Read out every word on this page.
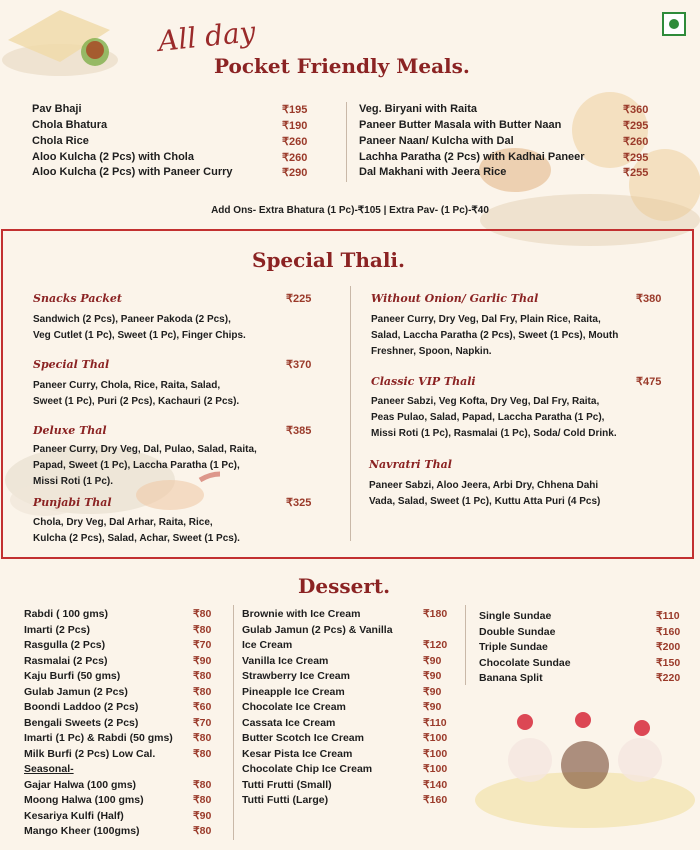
All day
Pocket Friendly Meals.
Pav Bhaji	₹195
Chola Bhatura	₹190
Chola Rice	₹260
Aloo Kulcha (2 Pcs) with Chola	₹260
Aloo Kulcha (2 Pcs) with Paneer Curry	₹290
Veg. Biryani with Raita	₹360
Paneer Butter Masala with Butter Naan	₹295
Paneer Naan/ Kulcha with Dal	₹260
Lachha Paratha (2 Pcs) with Kadhai Paneer	₹295
Dal Makhani with Jeera Rice	₹255
Add Ons- Extra Bhatura (1 Pc)-₹105 | Extra Pav- (1 Pc)-₹40
Special Thali.
Snacks Packet	₹225
Sandwich (2 Pcs), Paneer Pakoda (2 Pcs),
Veg Cutlet (1 Pc), Sweet (1 Pc), Finger Chips.
Special Thal	₹370
Paneer Curry, Chola, Rice, Raita, Salad,
Sweet (1 Pc), Puri (2 Pcs), Kachauri (2 Pcs).
Deluxe Thal	₹385
Paneer Curry, Dry Veg, Dal, Pulao, Salad, Raita,
Papad, Sweet (1 Pc), Laccha Paratha (1 Pc),
Missi Roti (1 Pc).
Punjabi Thal	₹325
Chola, Dry Veg, Dal Arhar, Raita, Rice,
Kulcha (2 Pcs), Salad, Achar, Sweet (1 Pcs).
Without Onion/ Garlic Thal	₹380
Paneer Curry, Dry Veg, Dal Fry, Plain Rice, Raita,
Salad, Laccha Paratha (2 Pcs), Sweet (1 Pcs), Mouth
Freshner, Spoon, Napkin.
Classic VIP Thali	₹475
Paneer Sabzi, Veg Kofta, Dry Veg, Dal Fry, Raita,
Peas Pulao, Salad, Papad, Laccha Paratha (1 Pc),
Missi Roti (1 Pc), Rasmalai (1 Pc), Soda/ Cold Drink.
Navratri Thal
Paneer Sabzi, Aloo Jeera, Arbi Dry, Chhena Dahi
Vada, Salad, Sweet (1 Pc), Kuttu Atta Puri (4 Pcs)
Dessert.
Rabdi ( 100 gms)	₹80
Imarti (2 Pcs)	₹80
Rasgulla (2 Pcs)	₹70
Rasmalai (2 Pcs)	₹90
Kaju Burfi (50 gms)	₹80
Gulab Jamun (2 Pcs)	₹80
Boondi Laddoo (2 Pcs)	₹60
Bengali Sweets (2 Pcs)	₹70
Imarti (1 Pc) & Rabdi (50 gms) ₹80
Milk Burfi (2 Pcs) Low Cal.	₹80
Seasonal-
Gajar Halwa (100 gms)	₹80
Moong Halwa (100 gms)	₹80
Kesariya Kulfi (Half)	₹90
Mango Kheer (100gms)	₹80
Brownie with Ice Cream	₹180
Gulab Jamun (2 Pcs) & Vanilla
Ice Cream	₹120
Vanilla Ice Cream	₹90
Strawberry Ice Cream	₹90
Pineapple Ice Cream	₹90
Chocolate Ice Cream	₹90
Cassata Ice Cream	₹110
Butter Scotch Ice Cream	₹100
Kesar Pista Ice Cream	₹100
Chocolate Chip Ice Cream	₹100
Tutti Frutti (Small)	₹140
Tutti Futti (Large)	₹160
Single Sundae	₹110
Double Sundae	₹160
Triple Sundae	₹200
Chocolate Sundae	₹150
Banana Split	₹220
